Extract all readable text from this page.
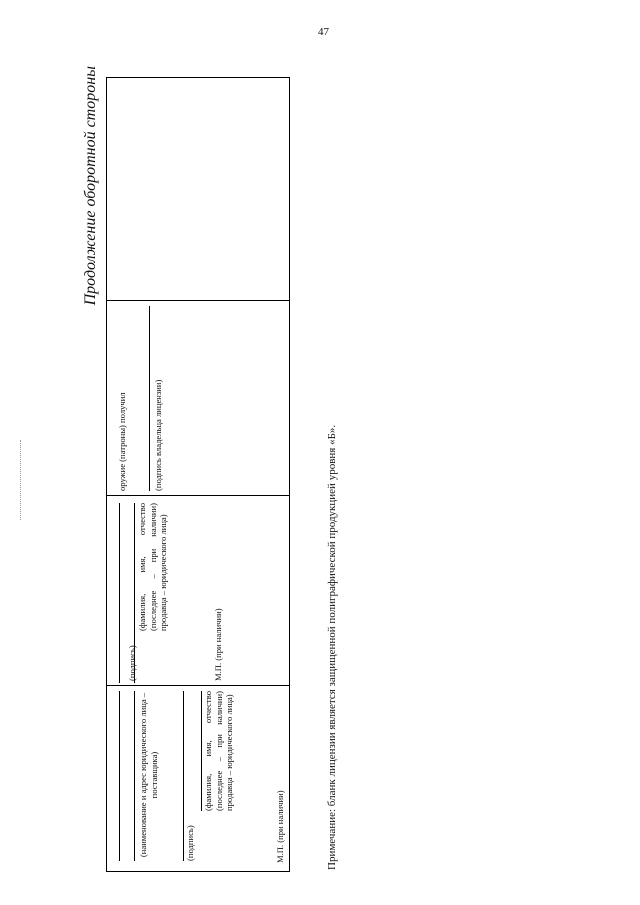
47
Продолжение оборотной стороны
(наименование и адрес юридического лица – поставщика)
(подпись)
(фамилия, имя, отчество (последнее – при наличии) продавца – юридического лица)
М.П. (при наличии)
(подпись)
(фамилия, имя, отчество (последнее – при наличии) продавца – юридического лица)
М.П. (при наличии)
оружие (патроны) получил	(подпись владельца лицензии)	Примечание: бланк лицензии является защищенной полиграфической продукцией уровня «Б».
